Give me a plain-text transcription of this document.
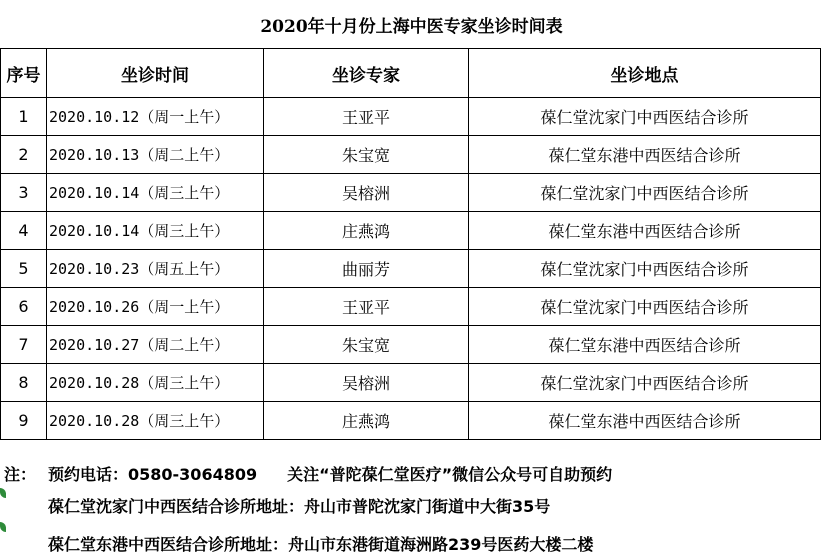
2020年十月份上海中医专家坐诊时间表
序号	坐诊时间	坐诊专家	坐诊地点
1	2020.10.12（周一上午）	王亚平	葆仁堂沈家门中西医结合诊所
2	2020.10.13（周二上午）	朱宝宽	葆仁堂东港中西医结合诊所
3	2020.10.14（周三上午）	吴榕洲	葆仁堂沈家门中西医结合诊所
4	2020.10.14（周三上午）	庄燕鸿	葆仁堂东港中西医结合诊所
5	2020.10.23（周五上午）	曲丽芳	葆仁堂沈家门中西医结合诊所
6	2020.10.26（周一上午）	王亚平	葆仁堂沈家门中西医结合诊所
7	2020.10.27（周二上午）	朱宝宽	葆仁堂东港中西医结合诊所
8	2020.10.28（周三上午）	吴榕洲	葆仁堂沈家门中西医结合诊所
9	2020.10.28（周三上午）	庄燕鸿	葆仁堂东港中西医结合诊所
注： 预约电话：0580-3064809 关注“普陀葆仁堂医疗”微信公众号可自助预约
葆仁堂沈家门中西医结合诊所地址：舟山市普陀沈家门街道中大街35号
葆仁堂东港中西医结合诊所地址：舟山市东港街道海洲路239号医药大楼二楼
